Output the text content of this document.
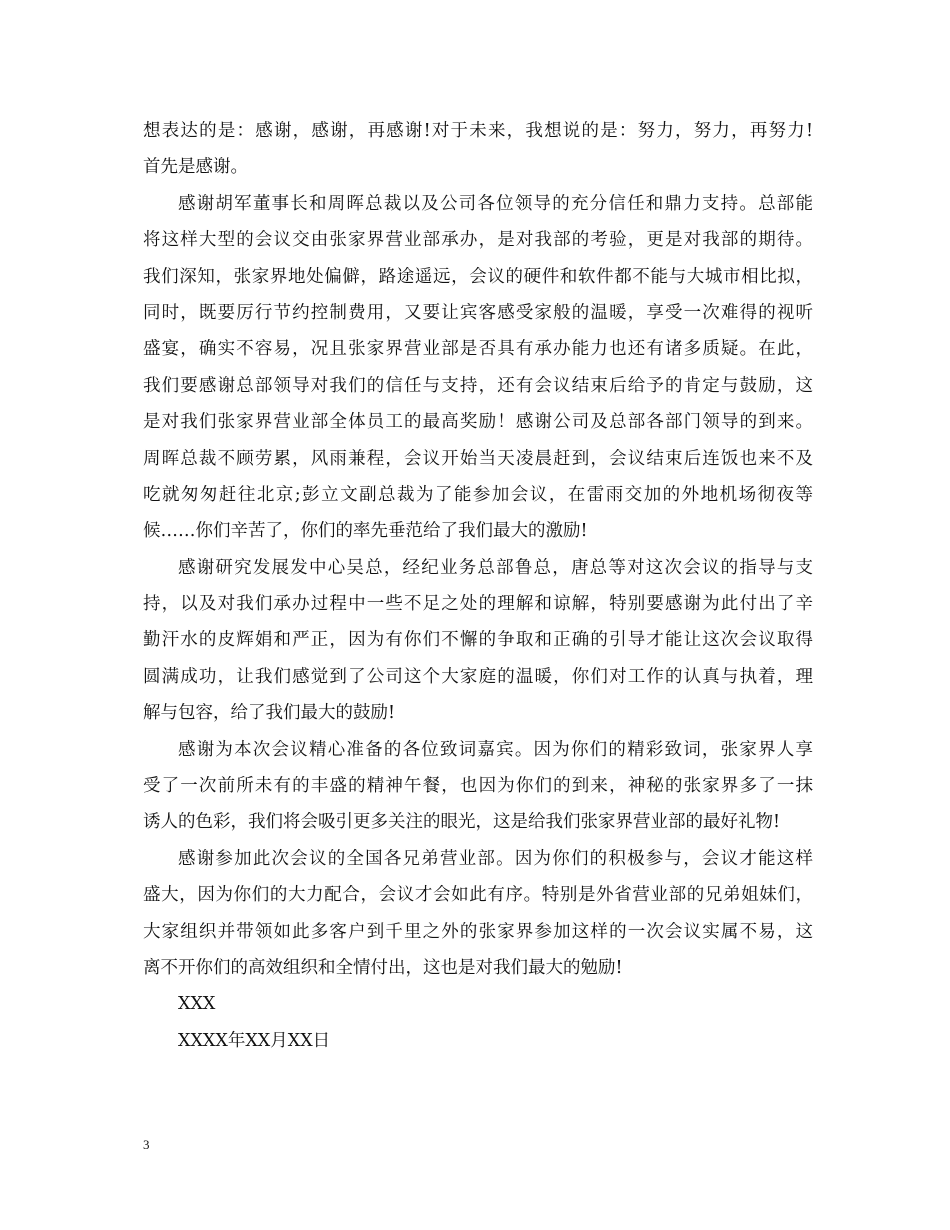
想表达的是：感谢，感谢，再感谢!对于未来，我想说的是：努力，努力，再努力!
首先是感谢。
感谢胡军董事长和周晖总裁以及公司各位领导的充分信任和鼎力支持。总部能
将这样大型的会议交由张家界营业部承办，是对我部的考验，更是对我部的期待。
我们深知，张家界地处偏僻，路途遥远，会议的硬件和软件都不能与大城市相比拟，
同时，既要厉行节约控制费用，又要让宾客感受家般的温暖，享受一次难得的视听
盛宴，确实不容易，况且张家界营业部是否具有承办能力也还有诸多质疑。在此，
我们要感谢总部领导对我们的信任与支持，还有会议结束后给予的肯定与鼓励，这
是对我们张家界营业部全体员工的最高奖励！感谢公司及总部各部门领导的到来。
周晖总裁不顾劳累，风雨兼程，会议开始当天凌晨赶到，会议结束后连饭也来不及
吃就匆匆赶往北京;彭立文副总裁为了能参加会议，在雷雨交加的外地机场彻夜等
候……你们辛苦了，你们的率先垂范给了我们最大的激励!
感谢研究发展发中心吴总，经纪业务总部鲁总，唐总等对这次会议的指导与支
持，以及对我们承办过程中一些不足之处的理解和谅解，特别要感谢为此付出了辛
勤汗水的皮辉娟和严正，因为有你们不懈的争取和正确的引导才能让这次会议取得
圆满成功，让我们感觉到了公司这个大家庭的温暖，你们对工作的认真与执着，理
解与包容，给了我们最大的鼓励!
感谢为本次会议精心准备的各位致词嘉宾。因为你们的精彩致词，张家界人享
受了一次前所未有的丰盛的精神午餐，也因为你们的到来，神秘的张家界多了一抹
诱人的色彩，我们将会吸引更多关注的眼光，这是给我们张家界营业部的最好礼物!
感谢参加此次会议的全国各兄弟营业部。因为你们的积极参与，会议才能这样
盛大，因为你们的大力配合，会议才会如此有序。特别是外省营业部的兄弟姐妹们，
大家组织并带领如此多客户到千里之外的张家界参加这样的一次会议实属不易，这
离不开你们的高效组织和全情付出，这也是对我们最大的勉励!
XXX
XXXX年XX月XX日
3
